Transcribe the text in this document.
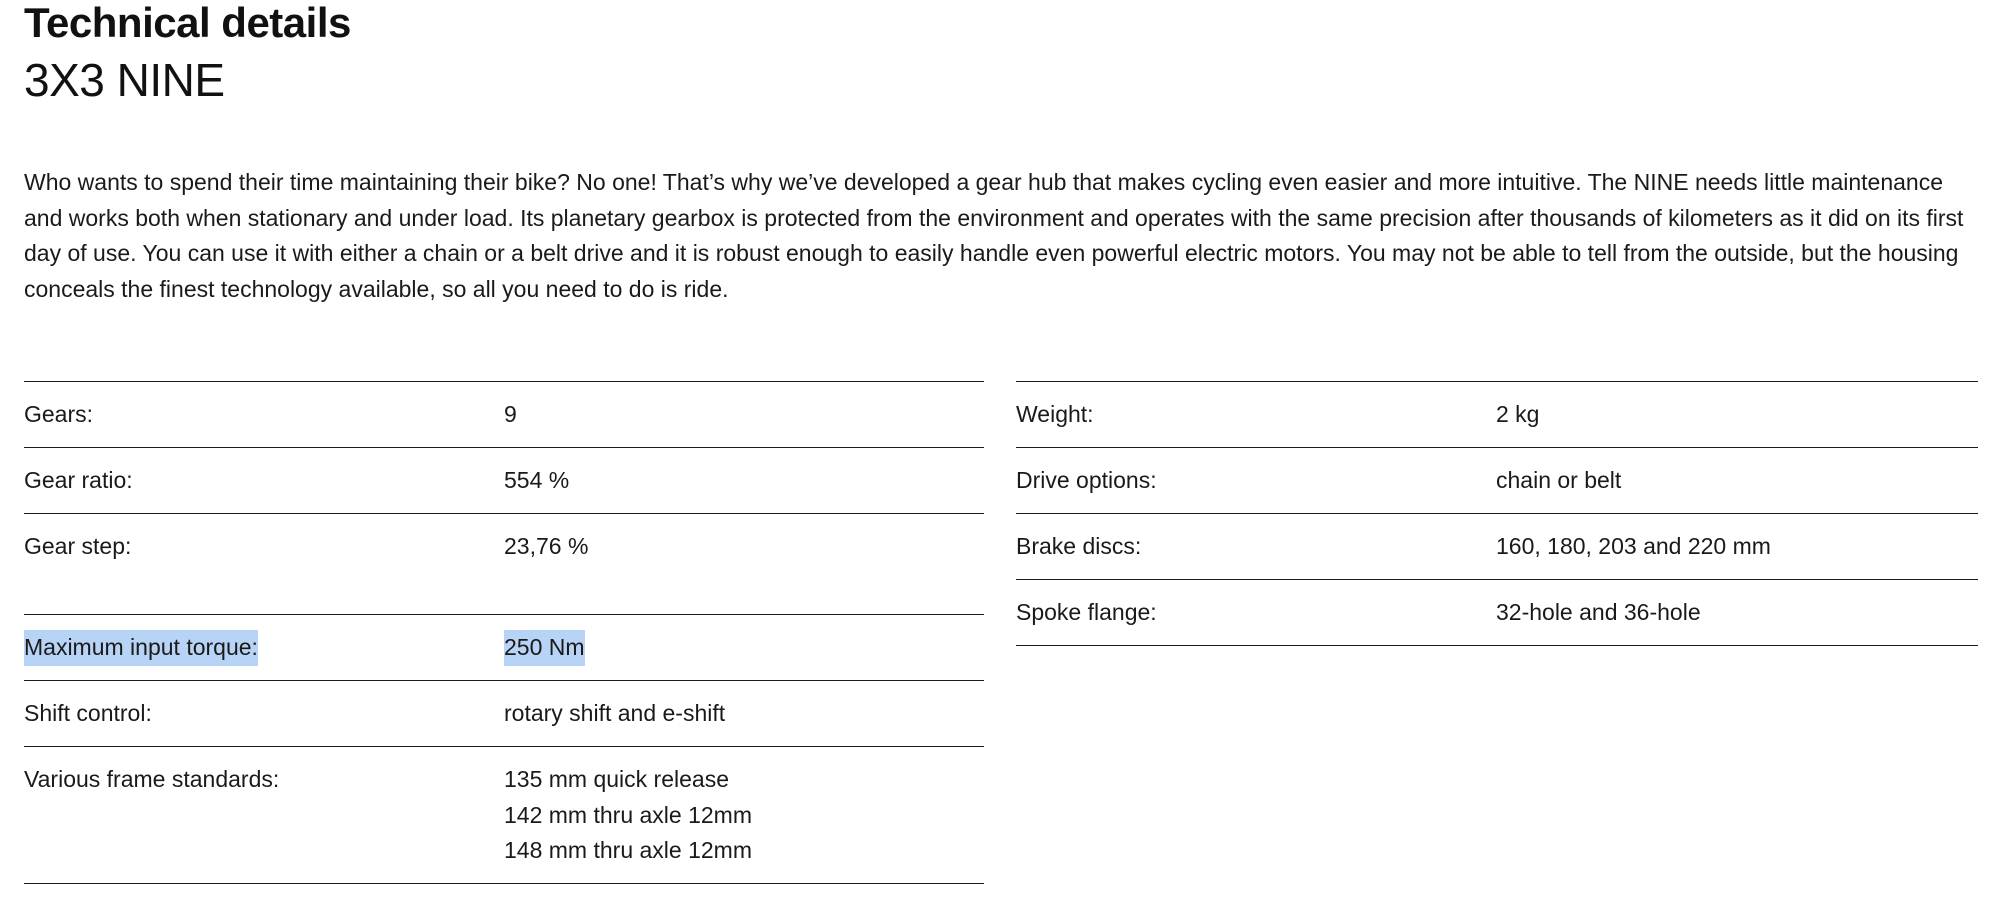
Technical details
3X3 NINE

Who wants to spend their time maintaining their bike? No one! That’s why we’ve developed a gear hub that makes cycling even easier and more intuitive. The NINE needs little maintenance and works both when stationary and under load. Its planetary gearbox is protected from the environment and operates with the same precision after thousands of kilometers as it did on its first day of use. You can use it with either a chain or a belt drive and it is robust enough to easily handle even powerful electric motors. You may not be able to tell from the outside, but the housing conceals the finest technology available, so all you need to do is ride.

Gears:	9
Gear ratio:	554 %
Gear step:	23,76 %
Maximum input torque:	250 Nm
Shift control:	rotary shift and e-shift
Various frame standards:	135 mm quick release
142 mm thru axle 12mm
148 mm thru axle 12mm
Weight:	2 kg
Drive options:	chain or belt
Brake discs:	160, 180, 203 and 220 mm
Spoke flange:	32-hole and 36-hole
